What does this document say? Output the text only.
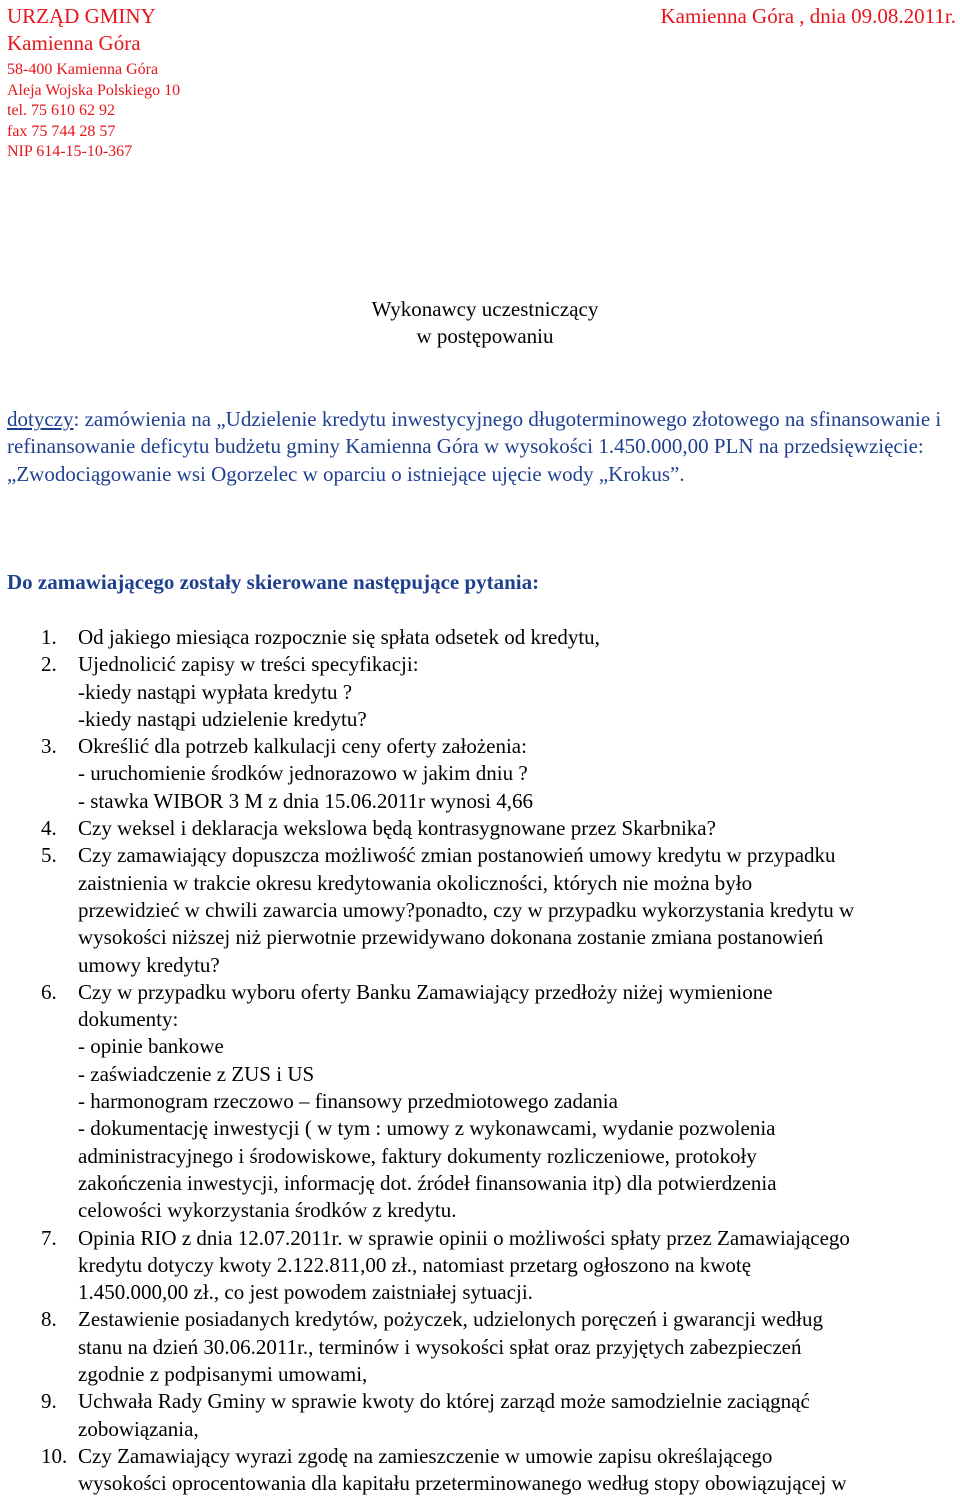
URZĄD GMINY
Kamienna Góra
58-400 Kamienna Góra
Aleja Wojska Polskiego 10
tel. 75 610 62 92
fax 75 744 28 57
NIP 614-15-10-367
Kamienna Góra , dnia 09.08.2011r.
Wykonawcy uczestniczący
w postępowaniu

dotyczy: zamówienia na „Udzielenie kredytu inwestycyjnego długoterminowego złotowego na sfinansowanie i refinansowanie deficytu budżetu gminy Kamienna Góra w wysokości 1.450.000,00 PLN na przedsięwzięcie: „Zwodociągowanie wsi Ogorzelec w oparciu o istniejące ujęcie wody „Krokus”.

Do zamawiającego zostały skierowane następujące pytania:
1.	Od jakiego miesiąca rozpocznie się spłata odsetek od kredytu,
2.	Ujednolicić zapisy w treści specyfikacji:
-kiedy nastąpi wypłata kredytu ?
-kiedy nastąpi udzielenie kredytu?
3.	Określić dla potrzeb kalkulacji ceny oferty założenia:
- uruchomienie środków jednorazowo w jakim dniu ?
- stawka WIBOR 3 M z dnia 15.06.2011r wynosi 4,66
4.	Czy weksel i deklaracja wekslowa będą kontrasygnowane przez Skarbnika?
5.	Czy zamawiający dopuszcza możliwość zmian postanowień umowy kredytu w przypadku
zaistnienia w trakcie okresu kredytowania okoliczności, których nie można było
przewidzieć w chwili zawarcia umowy?ponadto, czy w przypadku wykorzystania kredytu w
wysokości niższej niż pierwotnie przewidywano dokonana zostanie zmiana postanowień
umowy kredytu?
6.	Czy w przypadku wyboru oferty Banku Zamawiający przedłoży niżej wymienione
dokumenty:
- opinie bankowe
- zaświadczenie z ZUS i US
- harmonogram rzeczowo – finansowy przedmiotowego zadania
- dokumentację inwestycji ( w tym : umowy z wykonawcami, wydanie pozwolenia
administracyjnego i środowiskowe, faktury dokumenty rozliczeniowe, protokoły
zakończenia inwestycji, informację dot. źródeł finansowania itp) dla potwierdzenia
celowości wykorzystania środków z kredytu.
7.	Opinia RIO z dnia 12.07.2011r. w sprawie opinii o możliwości spłaty przez Zamawiającego
kredytu dotyczy kwoty 2.122.811,00 zł., natomiast przetarg ogłoszono na kwotę
1.450.000,00 zł., co jest powodem zaistniałej sytuacji.
8.	Zestawienie posiadanych kredytów, pożyczek, udzielonych poręczeń i gwarancji według
stanu na dzień 30.06.2011r., terminów i wysokości spłat oraz przyjętych zabezpieczeń
zgodnie z podpisanymi umowami,
9.	Uchwała Rady Gminy w sprawie kwoty do której zarząd może samodzielnie zaciągnąć
zobowiązania,
10. Czy Zamawiający wyrazi zgodę na zamieszczenie w umowie zapisu określającego
wysokości oprocentowania dla kapitału przeterminowanego według stopy obowiązującej w
